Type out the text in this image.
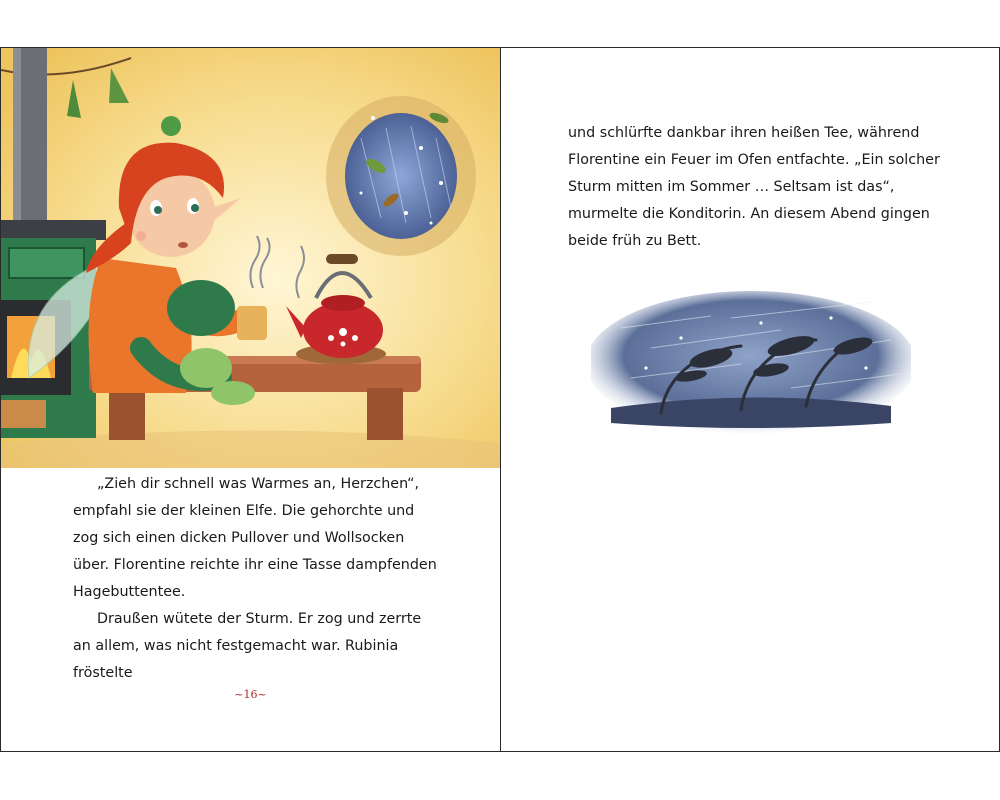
„Zieh dir schnell was Warmes an, Herzchen“, empfahl sie der kleinen Elfe. Die gehorchte und zog sich einen dicken Pullover und Wollsocken über. Florentine reichte ihr eine Tasse dampfenden Hagebuttentee.

Draußen wütete der Sturm. Er zog und zerrte an allem, was nicht festgemacht war. Rubinia fröstelte

~16~

und schlürfte dankbar ihren heißen Tee, während Florentine ein Feuer im Ofen entfachte. „Ein solcher Sturm mitten im Sommer … Seltsam ist das“, murmelte die Konditorin. An diesem Abend gingen beide früh zu Bett.
